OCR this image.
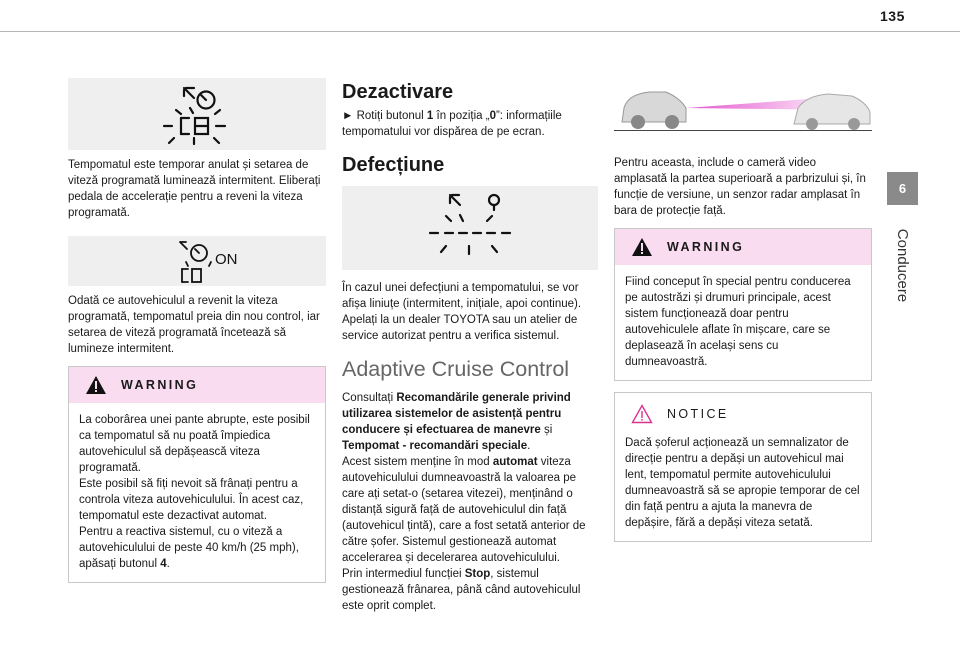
135
6
Conducere

Tempomatul este temporar anulat și setarea de viteză programată luminează intermitent. Eliberați pedala de accelerație pentru a reveni la viteza programată.

ON

Odată ce autovehiculul a revenit la viteza programată, tempomatul preia din nou control, iar setarea de viteză programată încetează să lumineze intermitent.

WARNING

La coborârea unei pante abrupte, este posibil ca tempomatul să nu poată împiedica autovehiculul să depășească viteza programată.

Este posibil să fiți nevoit să frânați pentru a controla viteza autovehiculului. În acest caz, tempomatul este dezactivat automat.

Pentru a reactiva sistemul, cu o viteză a autovehiculului de peste 40 km/h (25 mph), apăsați butonul 4.

Dezactivare

► Rotiți butonul 1 în poziția „0”: informațiile tempomatului vor dispărea de pe ecran.

Defecțiune

În cazul unei defecțiuni a tempomatului, se vor afișa liniuțe (intermitent, inițiale, apoi continue). Apelați la un dealer TOYOTA sau un atelier de service autorizat pentru a verifica sistemul.

Adaptive Cruise Control

Consultați Recomandările generale privind utilizarea sistemelor de asistență pentru conducere și efectuarea de manevre și Tempomat - recomandări speciale.

Acest sistem menține în mod automat viteza autovehiculului dumneavoastră la valoarea pe care ați setat-o (setarea vitezei), menținând o distanță sigură față de autovehiculul din față (autovehicul țintă), care a fost setată anterior de către șofer. Sistemul gestionează automat accelerarea și decelerarea autovehiculului.

Prin intermediul funcției Stop, sistemul gestionează frânarea, până când autovehiculul este oprit complet.

Pentru aceasta, include o cameră video amplasată la partea superioară a parbrizului și, în funcție de versiune, un senzor radar amplasat în bara de protecție față.

WARNING

Fiind conceput în special pentru conducerea pe autostrăzi și drumuri principale, acest sistem funcționează doar pentru autovehiculele aflate în mișcare, care se deplasează în același sens cu dumneavoastră.

NOTICE

Dacă șoferul acționează un semnalizator de direcție pentru a depăși un autovehicul mai lent, tempomatul permite autovehiculului dumneavoastră să se apropie temporar de cel din față pentru a ajuta la manevra de depășire, fără a depăși viteza setată.
